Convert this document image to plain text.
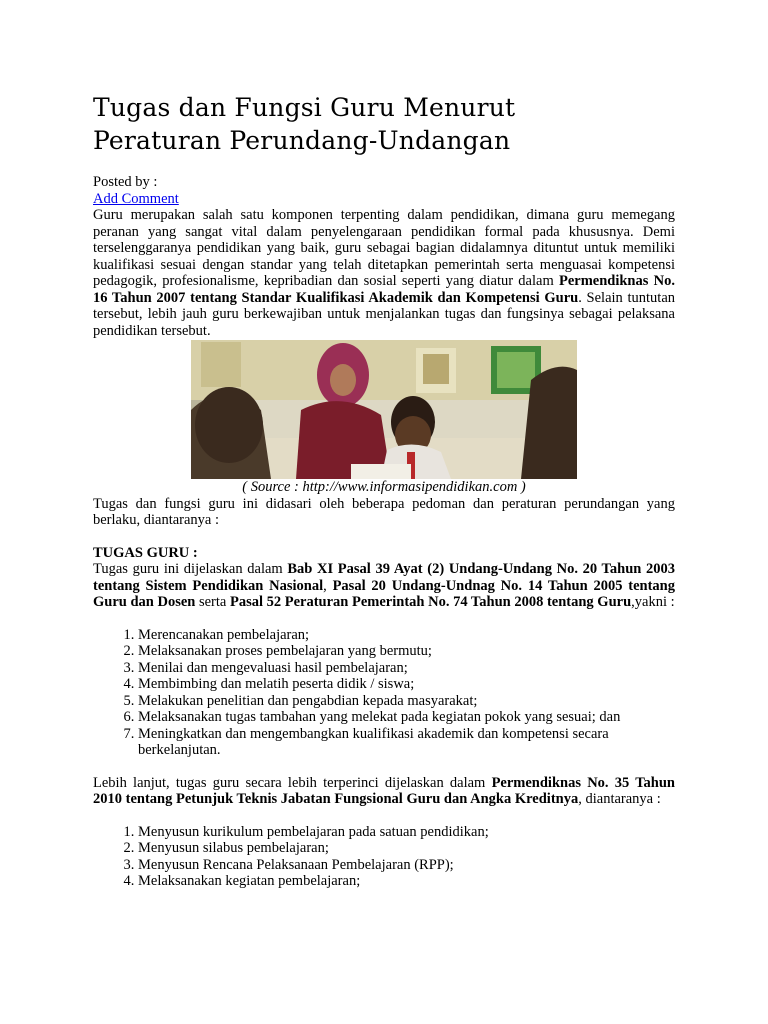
Tugas dan Fungsi Guru Menurut
Peraturan Perundang-Undangan
Posted by :
Add Comment

Guru merupakan salah satu komponen terpenting dalam pendidikan, dimana guru memegang peranan yang sangat vital dalam penyelengaraan pendidikan formal pada khususnya. Demi terselenggaranya pendidikan yang baik, guru sebagai bagian didalamnya dituntut untuk memiliki kualifikasi sesuai dengan standar yang telah ditetapkan pemerintah serta menguasai kompetensi pedagogik, profesionalisme, kepribadian dan sosial seperti yang diatur dalam Permendiknas No. 16 Tahun 2007 tentang Standar Kualifikasi Akademik dan Kompetensi Guru. Selain tuntutan tersebut, lebih jauh guru berkewajiban untuk menjalankan tugas dan fungsinya sebagai pelaksana pendidikan tersebut.

( Source : http://www.informasipendidikan.com )

Tugas dan fungsi guru ini didasari oleh beberapa pedoman dan peraturan perundangan yang berlaku, diantaranya :

TUGAS GURU :

Tugas guru ini dijelaskan dalam Bab XI Pasal 39 Ayat (2) Undang-Undang No. 20 Tahun 2003 tentang Sistem Pendidikan Nasional, Pasal 20 Undang-Undnag No. 14 Tahun 2005 tentang Guru dan Dosen serta Pasal 52 Peraturan Pemerintah No. 74 Tahun 2008 tentang Guru,yakni :

1. Merencanakan pembelajaran;
2. Melaksanakan proses pembelajaran yang bermutu;
3. Menilai dan mengevaluasi hasil pembelajaran;
4. Membimbing dan melatih peserta didik / siswa;
5. Melakukan penelitian dan pengabdian kepada masyarakat;
6. Melaksanakan tugas tambahan yang melekat pada kegiatan pokok yang sesuai; dan
7. Meningkatkan dan mengembangkan kualifikasi akademik dan kompetensi secara berkelanjutan.

Lebih lanjut, tugas guru secara lebih terperinci dijelaskan dalam Permendiknas No. 35 Tahun 2010 tentang Petunjuk Teknis Jabatan Fungsional Guru dan Angka Kreditnya, diantaranya :

1. Menyusun kurikulum pembelajaran pada satuan pendidikan;
2. Menyusun silabus pembelajaran;
3. Menyusun Rencana Pelaksanaan Pembelajaran (RPP);
4. Melaksanakan kegiatan pembelajaran;
